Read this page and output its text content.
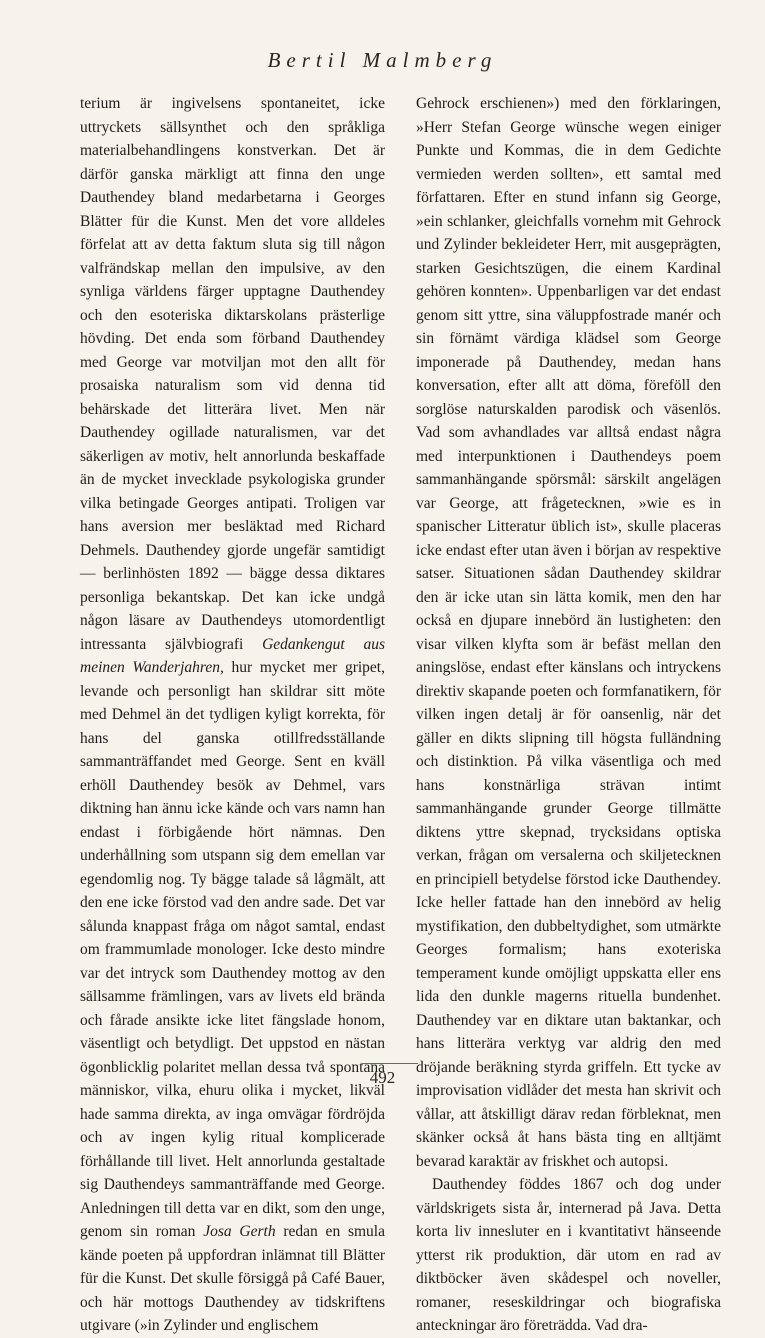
Bertil Malmberg

terium är ingivelsens spontaneitet, icke uttryckets sällsynthet och den språkliga materialbehandlingens konstverkan. Det är därför ganska märkligt att finna den unge Dauthendey bland medarbetarna i Georges Blätter für die Kunst. Men det vore alldeles förfelat att av detta faktum sluta sig till någon valfrändskap mellan den impulsive, av den synliga världens färger upptagne Dauthendey och den esoteriska diktarskolans prästerlige hövding. Det enda som förband Dauthendey med George var motviljan mot den allt för prosaiska naturalism som vid denna tid behärskade det litterära livet. Men när Dauthendey ogillade naturalismen, var det säkerligen av motiv, helt annorlunda beskaffade än de mycket invecklade psykologiska grunder vilka betingade Georges antipati. Troligen var hans aversion mer besläktad med Richard Dehmels. Dauthendey gjorde ungefär samtidigt — berlinhösten 1892 — bägge dessa diktares personliga bekantskap. Det kan icke undgå någon läsare av Dauthendeys utomordentligt intressanta självbiografi Gedankengut aus meinen Wanderjahren, hur mycket mer gripet, levande och personligt han skildrar sitt möte med Dehmel än det tydligen kyligt korrekta, för hans del ganska otillfredsställande sammanträffandet med George. Sent en kväll erhöll Dauthendey besök av Dehmel, vars diktning han ännu icke kände och vars namn han endast i förbigående hört nämnas. Den underhållning som utspann sig dem emellan var egendomlig nog. Ty bägge talade så lågmält, att den ene icke förstod vad den andre sade. Det var sålunda knappast fråga om något samtal, endast om frammumlade monologer. Icke desto mindre var det intryck som Dauthendey mottog av den sällsamme främlingen, vars av livets eld brända och fårade ansikte icke litet fängslade honom, väsentligt och betydligt. Det uppstod en nästan ögonblicklig polaritet mellan dessa två spontana människor, vilka, ehuru olika i mycket, likväl hade samma direkta, av inga omvägar fördröjda och av ingen kylig ritual komplicerade förhållande till livet. Helt annorlunda gestaltade sig Dauthendeys sammanträffande med George. Anledningen till detta var en dikt, som den unge, genom sin roman Josa Gerth redan en smula kände poeten på uppfordran inlämnat till Blätter für die Kunst. Det skulle försiggå på Café Bauer, och här mottogs Dauthendey av tidskriftens utgivare (»in Zylinder und englischem

Gehrock erschienen») med den förklaringen, »Herr Stefan George wünsche wegen einiger Punkte und Kommas, die in dem Gedichte vermieden werden sollten», ett samtal med författaren. Efter en stund infann sig George, »ein schlanker, gleichfalls vornehm mit Gehrock und Zylinder bekleideter Herr, mit ausgeprägten, starken Gesichtszügen, die einem Kardinal gehören konnten». Uppenbarligen var det endast genom sitt yttre, sina väluppfostrade manér och sin förnämt värdiga klädsel som George imponerade på Dauthendey, medan hans konversation, efter allt att döma, föreföll den sorglöse naturskalden parodisk och väsenlös. Vad som avhandlades var alltså endast några med interpunktionen i Dauthendeys poem sammanhängande spörsmål: särskilt angelägen var George, att frågetecknen, »wie es in spanischer Litteratur üblich ist», skulle placeras icke endast efter utan även i början av respektive satser. Situationen sådan Dauthendey skildrar den är icke utan sin lätta komik, men den har också en djupare innebörd än lustigheten: den visar vilken klyfta som är befäst mellan den aningslöse, endast efter känslans och intryckens direktiv skapande poeten och formfanatikern, för vilken ingen detalj är för oansenlig, när det gäller en dikts slipning till högsta fulländning och distinktion. På vilka väsentliga och med hans konstnärliga strävan intimt sammanhängande grunder George tillmätte diktens yttre skepnad, trycksidans optiska verkan, frågan om versalerna och skiljetecknen en principiell betydelse förstod icke Dauthendey. Icke heller fattade han den innebörd av helig mystifikation, den dubbeltydighet, som utmärkte Georges formalism; hans exoteriska temperament kunde omöjligt uppskatta eller ens lida den dunkle magerns rituella bundenhet. Dauthendey var en diktare utan baktankar, och hans litterära verktyg var aldrig den med dröjande beräkning styrda griffeln. Ett tycke av improvisation vidlåder det mesta han skrivit och vållar, att åtskilligt därav redan förbleknat, men skänker också åt hans bästa ting en alltjämt bevarad karaktär av friskhet och autopsi.

Dauthendey föddes 1867 och dog under världskrigets sista år, internerad på Java. Detta korta liv innesluter en i kvantitativt hänseende ytterst rik produktion, där utom en rad av diktböcker även skådespel och noveller, romaner, reseskildringar och biografiska anteckningar äro företrädda. Vad dra-

492
